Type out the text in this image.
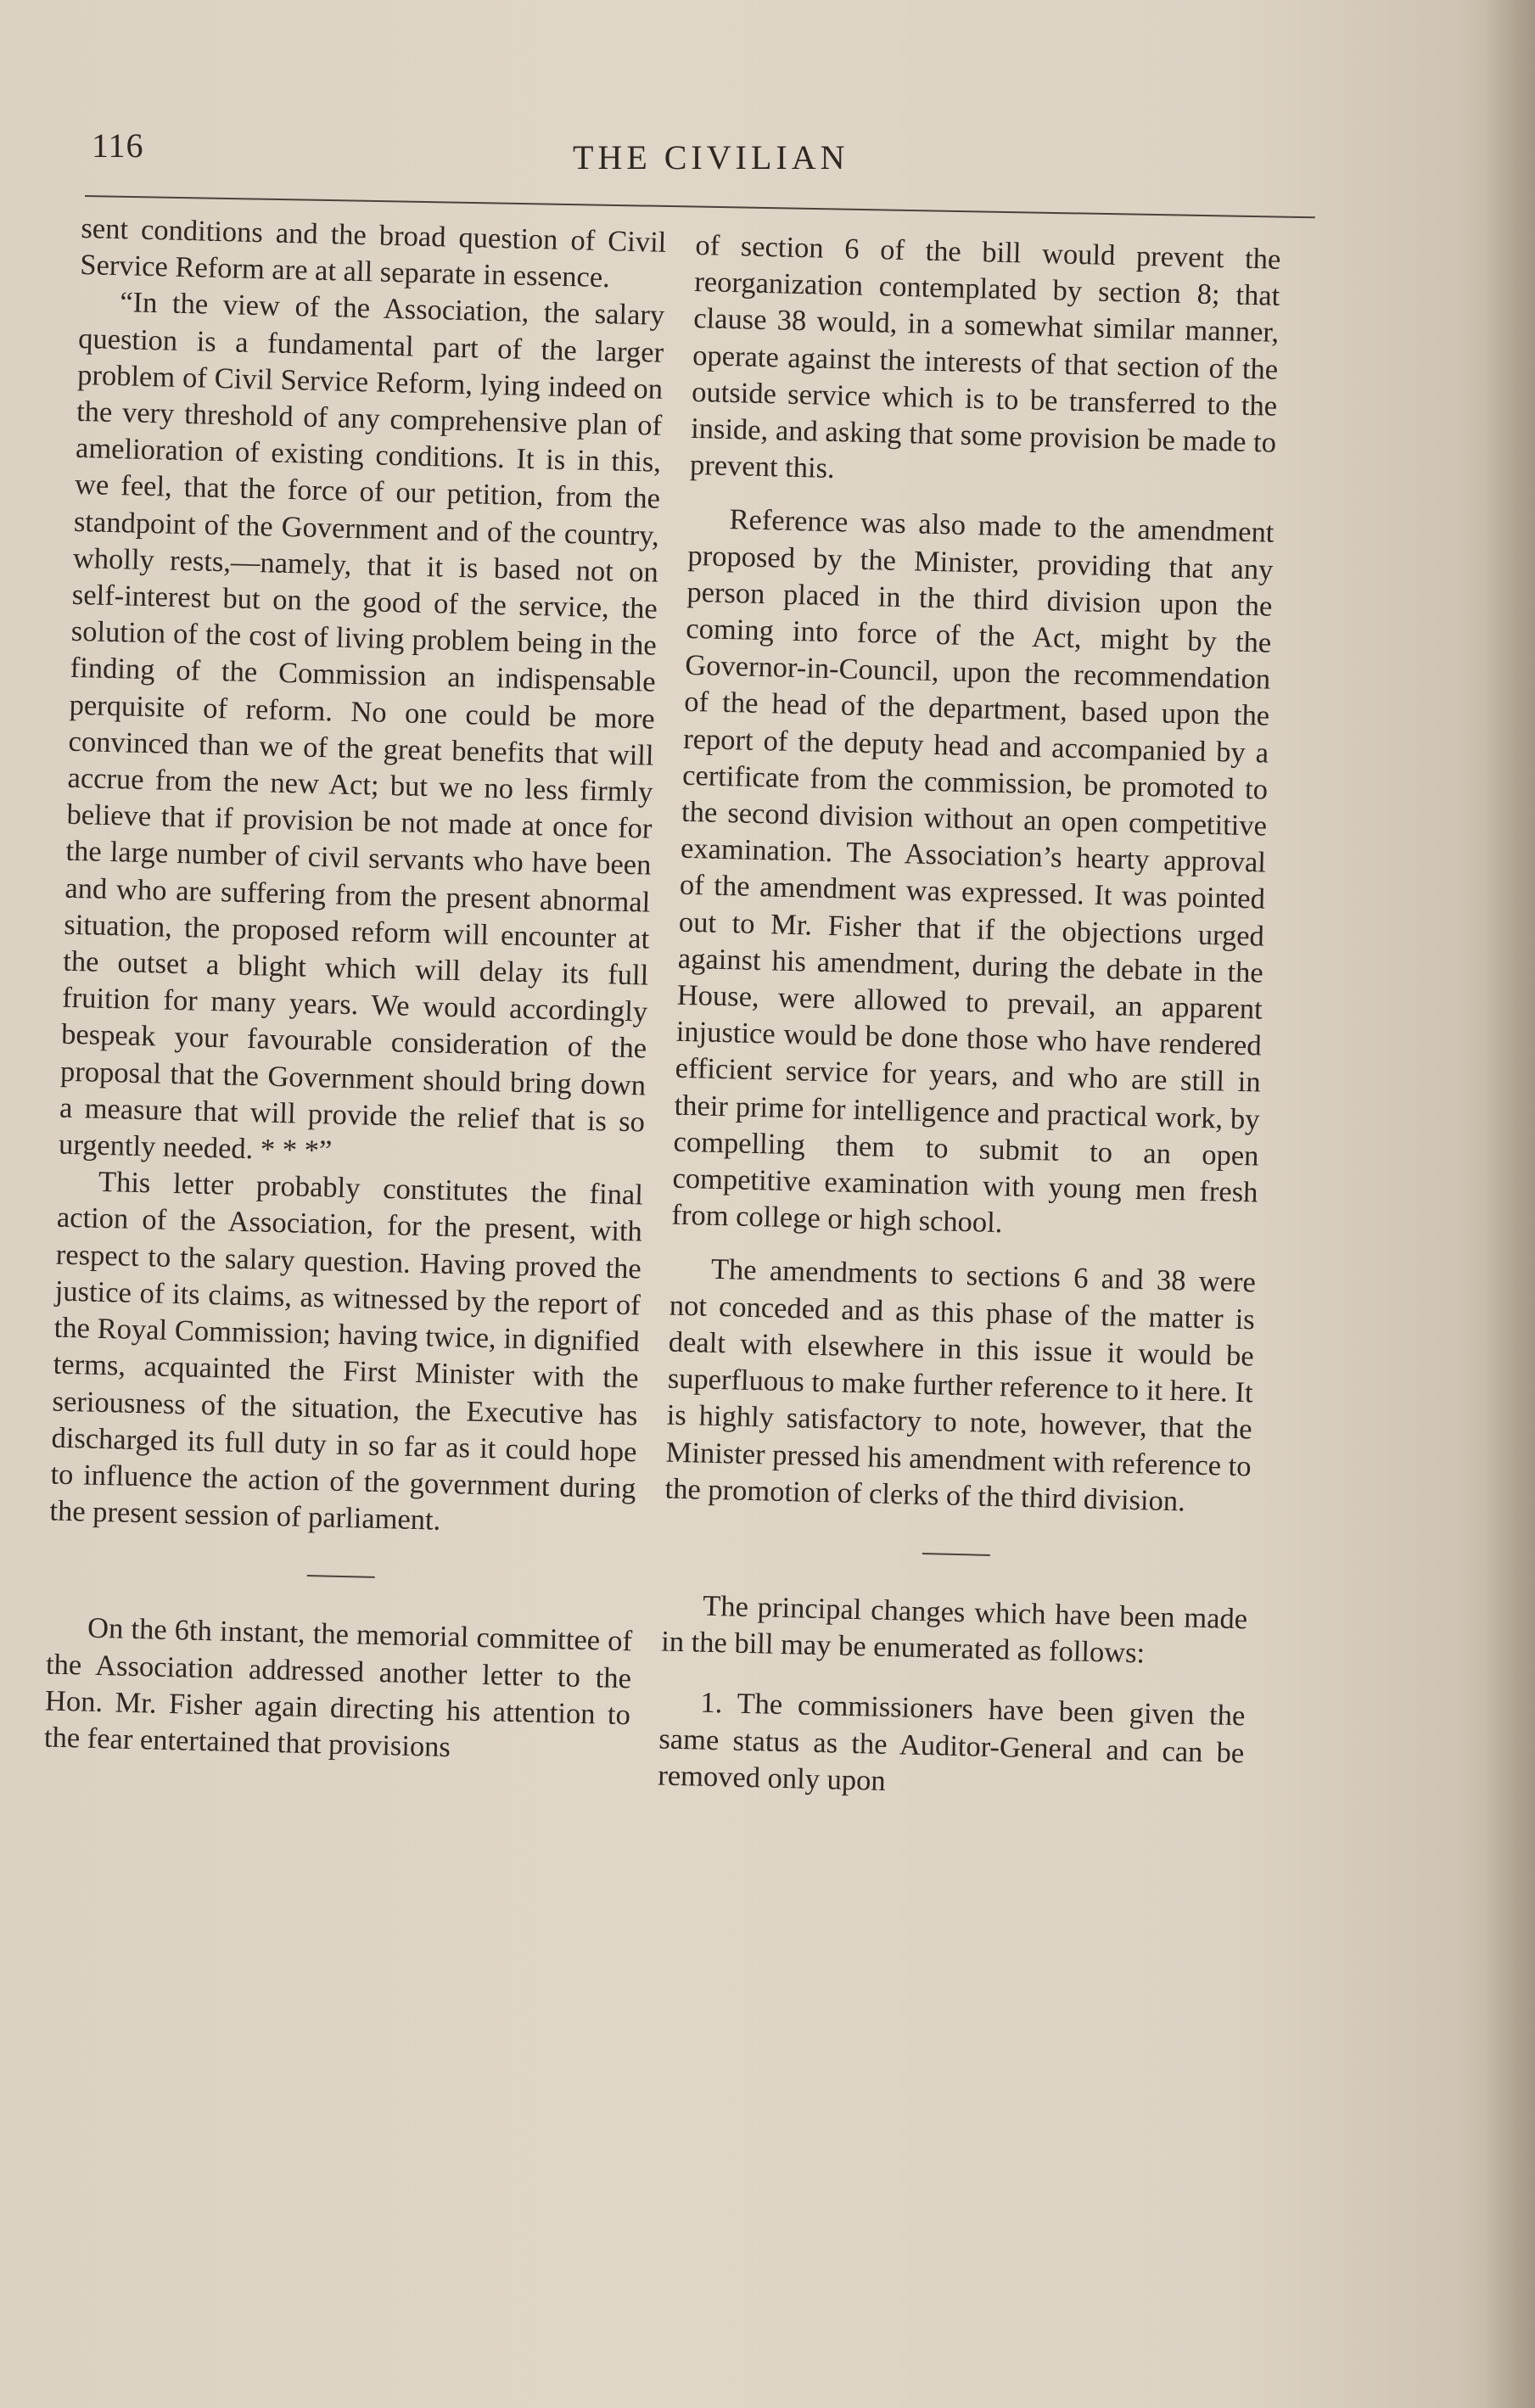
116	THE CIVILIAN

sent conditions and the broad question of Civil Service Reform are at all separate in essence.

“In the view of the Association, the salary question is a fundamental part of the larger problem of Civil Service Reform, lying indeed on the very threshold of any comprehensive plan of amelioration of existing conditions. It is in this, we feel, that the force of our petition, from the standpoint of the Government and of the country, wholly rests,—namely, that it is based not on self-interest but on the good of the service, the solution of the cost of living problem being in the finding of the Commission an indispensable perquisite of reform. No one could be more convinced than we of the great benefits that will accrue from the new Act; but we no less firmly believe that if provision be not made at once for the large number of civil servants who have been and who are suffering from the present abnormal situation, the proposed reform will encounter at the outset a blight which will delay its full fruition for many years. We would accordingly bespeak your favourable consideration of the proposal that the Government should bring down a measure that will provide the relief that is so urgently needed. * * *”

This letter probably constitutes the final action of the Association, for the present, with respect to the salary question. Having proved the justice of its claims, as witnessed by the report of the Royal Commission; having twice, in dignified terms, acquainted the First Minister with the seriousness of the situation, the Executive has discharged its full duty in so far as it could hope to influence the action of the government during the present session of parliament.

On the 6th instant, the memorial committee of the Association addressed another letter to the Hon. Mr. Fisher again directing his attention to the fear entertained that provisions

of section 6 of the bill would prevent the reorganization contemplated by section 8; that clause 38 would, in a somewhat similar manner, operate against the interests of that section of the outside service which is to be transferred to the inside, and asking that some provision be made to prevent this.

Reference was also made to the amendment proposed by the Minister, providing that any person placed in the third division upon the coming into force of the Act, might by the Governor-in-Council, upon the recommendation of the head of the department, based upon the report of the deputy head and accompanied by a certificate from the commission, be promoted to the second division without an open competitive examination. The Association’s hearty approval of the amendment was expressed. It was pointed out to Mr. Fisher that if the objections urged against his amendment, during the debate in the House, were allowed to prevail, an apparent injustice would be done those who have rendered efficient service for years, and who are still in their prime for intelligence and practical work, by compelling them to submit to an open competitive examination with young men fresh from college or high school.

The amendments to sections 6 and 38 were not conceded and as this phase of the matter is dealt with elsewhere in this issue it would be superfluous to make further reference to it here. It is highly satisfactory to note, however, that the Minister pressed his amendment with reference to the promotion of clerks of the third division.

The principal changes which have been made in the bill may be enumerated as follows:

1. The commissioners have been given the same status as the Auditor-General and can be removed only upon
